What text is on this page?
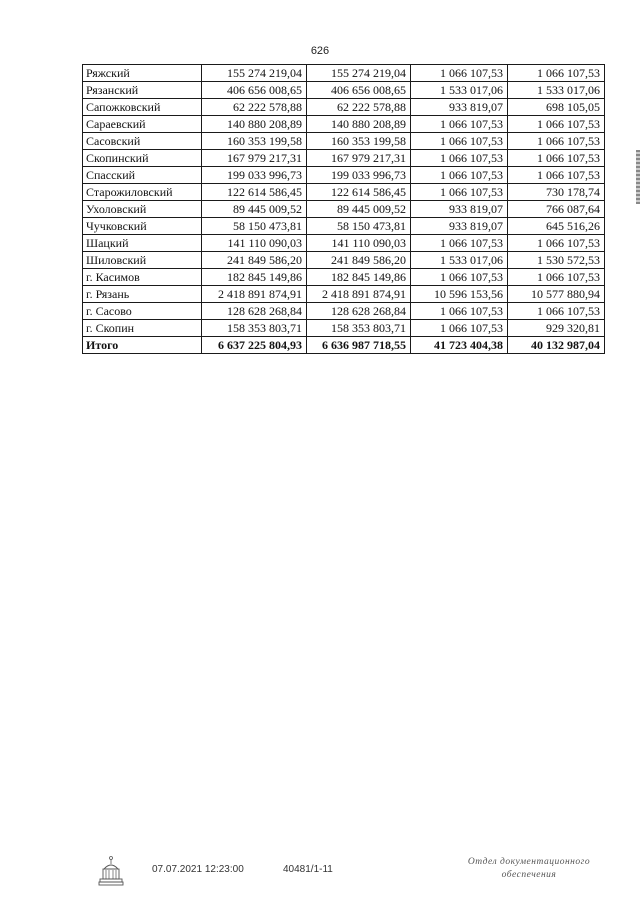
626
Ряжский	155 274 219,04	155 274 219,04	1 066 107,53	1 066 107,53
Рязанский	406 656 008,65	406 656 008,65	1 533 017,06	1 533 017,06
Сапожковский	62 222 578,88	62 222 578,88	933 819,07	698 105,05
Сараевский	140 880 208,89	140 880 208,89	1 066 107,53	1 066 107,53
Сасовский	160 353 199,58	160 353 199,58	1 066 107,53	1 066 107,53
Скопинский	167 979 217,31	167 979 217,31	1 066 107,53	1 066 107,53
Спасский	199 033 996,73	199 033 996,73	1 066 107,53	1 066 107,53
Старожиловский	122 614 586,45	122 614 586,45	1 066 107,53	730 178,74
Ухоловский	89 445 009,52	89 445 009,52	933 819,07	766 087,64
Чучковский	58 150 473,81	58 150 473,81	933 819,07	645 516,26
Шацкий	141 110 090,03	141 110 090,03	1 066 107,53	1 066 107,53
Шиловский	241 849 586,20	241 849 586,20	1 533 017,06	1 530 572,53
г. Касимов	182 845 149,86	182 845 149,86	1 066 107,53	1 066 107,53
г. Рязань	2 418 891 874,91	2 418 891 874,91	10 596 153,56	10 577 880,94
г. Сасово	128 628 268,84	128 628 268,84	1 066 107,53	1 066 107,53
г. Скопин	158 353 803,71	158 353 803,71	1 066 107,53	929 320,81
Итого	6 637 225 804,93	6 636 987 718,55	41 723 404,38	40 132 987,04
07.07.2021 12:23:00	40481/1-11
Отдел документационного
обеспечения
